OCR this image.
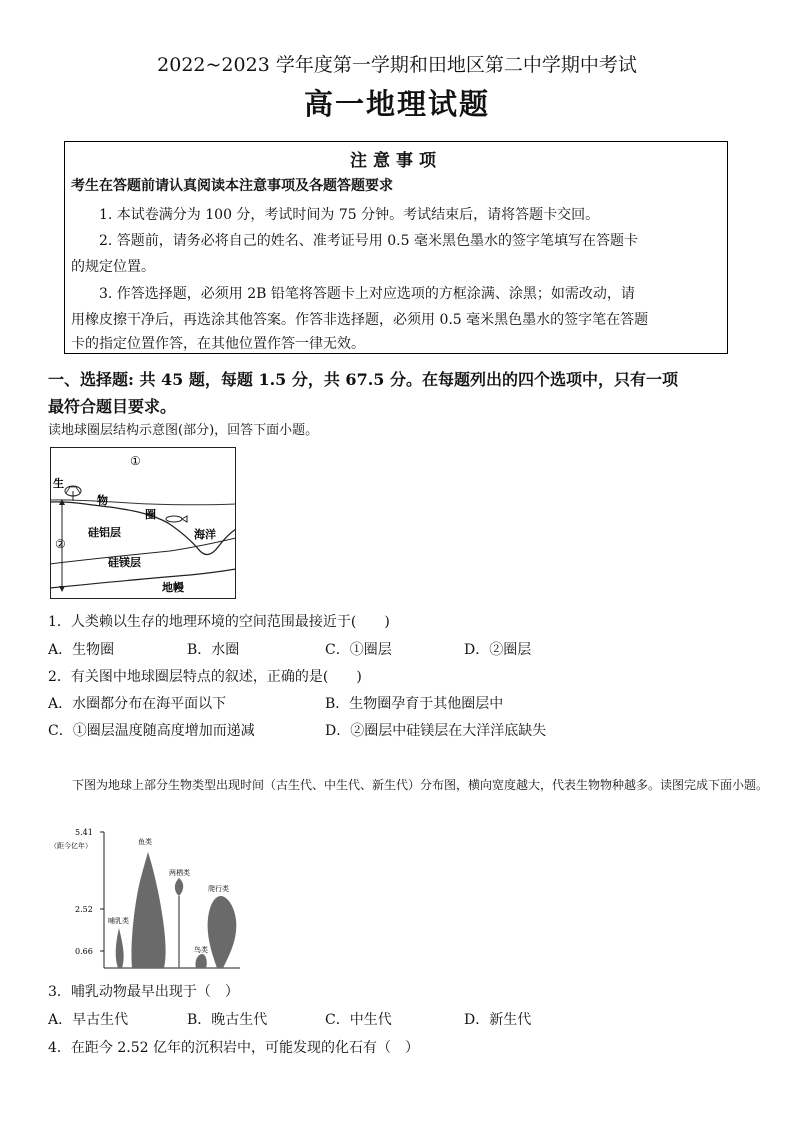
2022~2023 学年度第一学期和田地区第二中学期中考试
高一地理试题
注意事项
考生在答题前请认真阅读本注意事项及各题答题要求
　　1. 本试卷满分为 100 分，考试时间为 75 分钟。考试结束后，请将答题卡交回。
　　2. 答题前，请务必将自己的姓名、准考证号用 0.5 毫米黑色墨水的签字笔填写在答题卡
的规定位置。
　　3. 作答选择题，必须用 2B 铅笔将答题卡上对应选项的方框涂满、涂黑；如需改动，请
用橡皮擦干净后，再选涂其他答案。作答非选择题，必须用 0.5 毫米黑色墨水的签字笔在答题
卡的指定位置作答，在其他位置作答一律无效。
一、选择题: 共 45 题，每题 1.5 分，共 67.5 分。在每题列出的四个选项中，只有一项
最符合题目要求。
读地球圈层结构示意图(部分)，回答下面小题。
①
②
生
物
圈
硅铝层	海洋
硅镁层
地幔
1．人类赖以生存的地理环境的空间范围最接近于(　　)
A．生物圈	B．水圈	C．①圈层	D．②圈层
2．有关图中地球圈层特点的叙述，正确的是(　　)
A．水圈都分布在海平面以下	B．生物圈孕育于其他圈层中
C．①圈层温度随高度增加而递减	D．②圈层中硅镁层在大洋洋底缺失
　　下图为地球上部分生物类型出现时间（古生代、中生代、新生代）分布图，横向宽度越大，代表生物物种越多。读图完成下面小题。
5.41
（距今亿年）
2.52
0.66
鱼类
两栖类
爬行类
哺乳类
鸟类
3．哺乳动物最早出现于（　）
A．早古生代	B．晚古生代	C．中生代	D．新生代
4．在距今 2.52 亿年的沉积岩中，可能发现的化石有（　）
